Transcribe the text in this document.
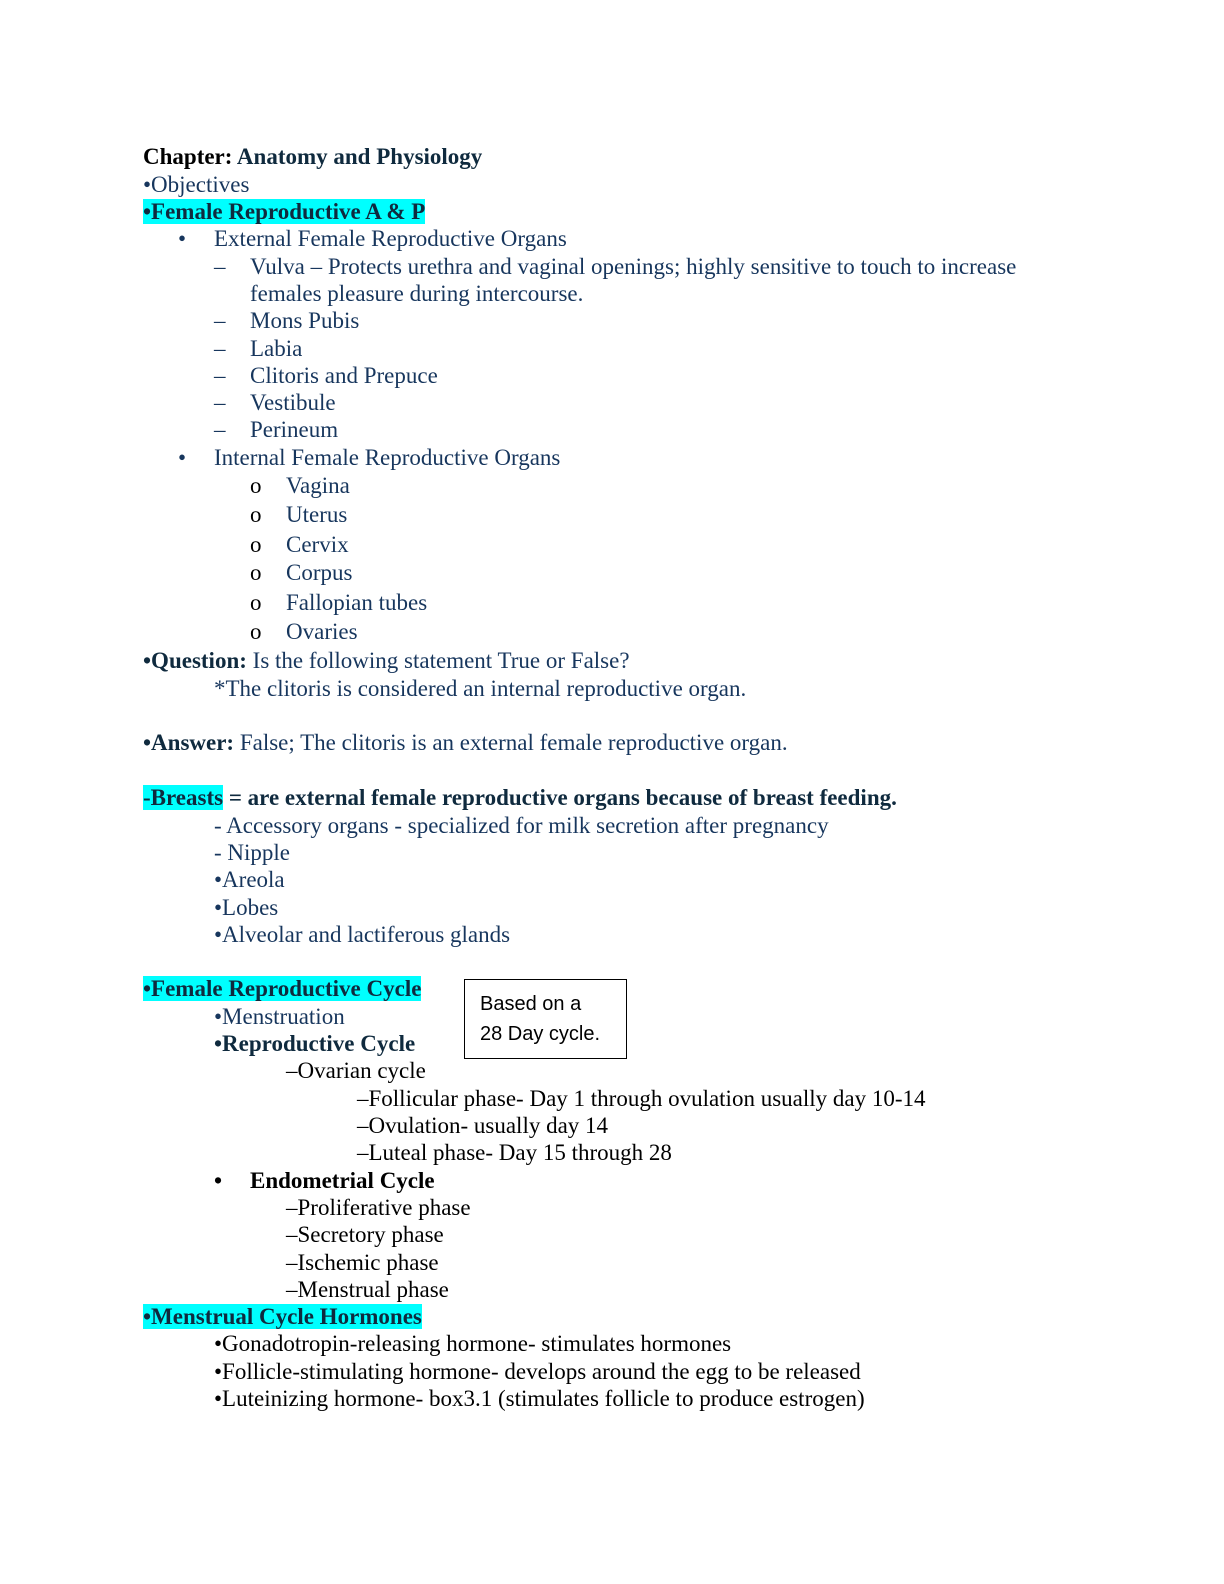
Chapter: Anatomy and Physiology
•Objectives
•Female Reproductive A & P
• External Female Reproductive Organs
– Vulva – Protects urethra and vaginal openings; highly sensitive to touch to increase
females pleasure during intercourse.
– Mons Pubis
– Labia
– Clitoris and Prepuce
– Vestibule
– Perineum
• Internal Female Reproductive Organs
o Vagina
o Uterus
o Cervix
o Corpus
o Fallopian tubes
o Ovaries
•Question: Is the following statement True or False?
*The clitoris is considered an internal reproductive organ.
•Answer: False; The clitoris is an external female reproductive organ.
-Breasts = are external female reproductive organs because of breast feeding.
- Accessory organs - specialized for milk secretion after pregnancy
- Nipple
•Areola
•Lobes
•Alveolar and lactiferous glands
•Female Reproductive Cycle
•Menstruation
•Reproductive Cycle
–Ovarian cycle
–Follicular phase- Day 1 through ovulation usually day 10-14
–Ovulation- usually day 14
–Luteal phase- Day 15 through 28
• Endometrial Cycle
–Proliferative phase
–Secretory phase
–Ischemic phase
–Menstrual phase
Based on a
28 Day cycle.
•Menstrual Cycle Hormones
•Gonadotropin-releasing hormone- stimulates hormones
•Follicle-stimulating hormone- develops around the egg to be released
•Luteinizing hormone- box3.1 (stimulates follicle to produce estrogen)
